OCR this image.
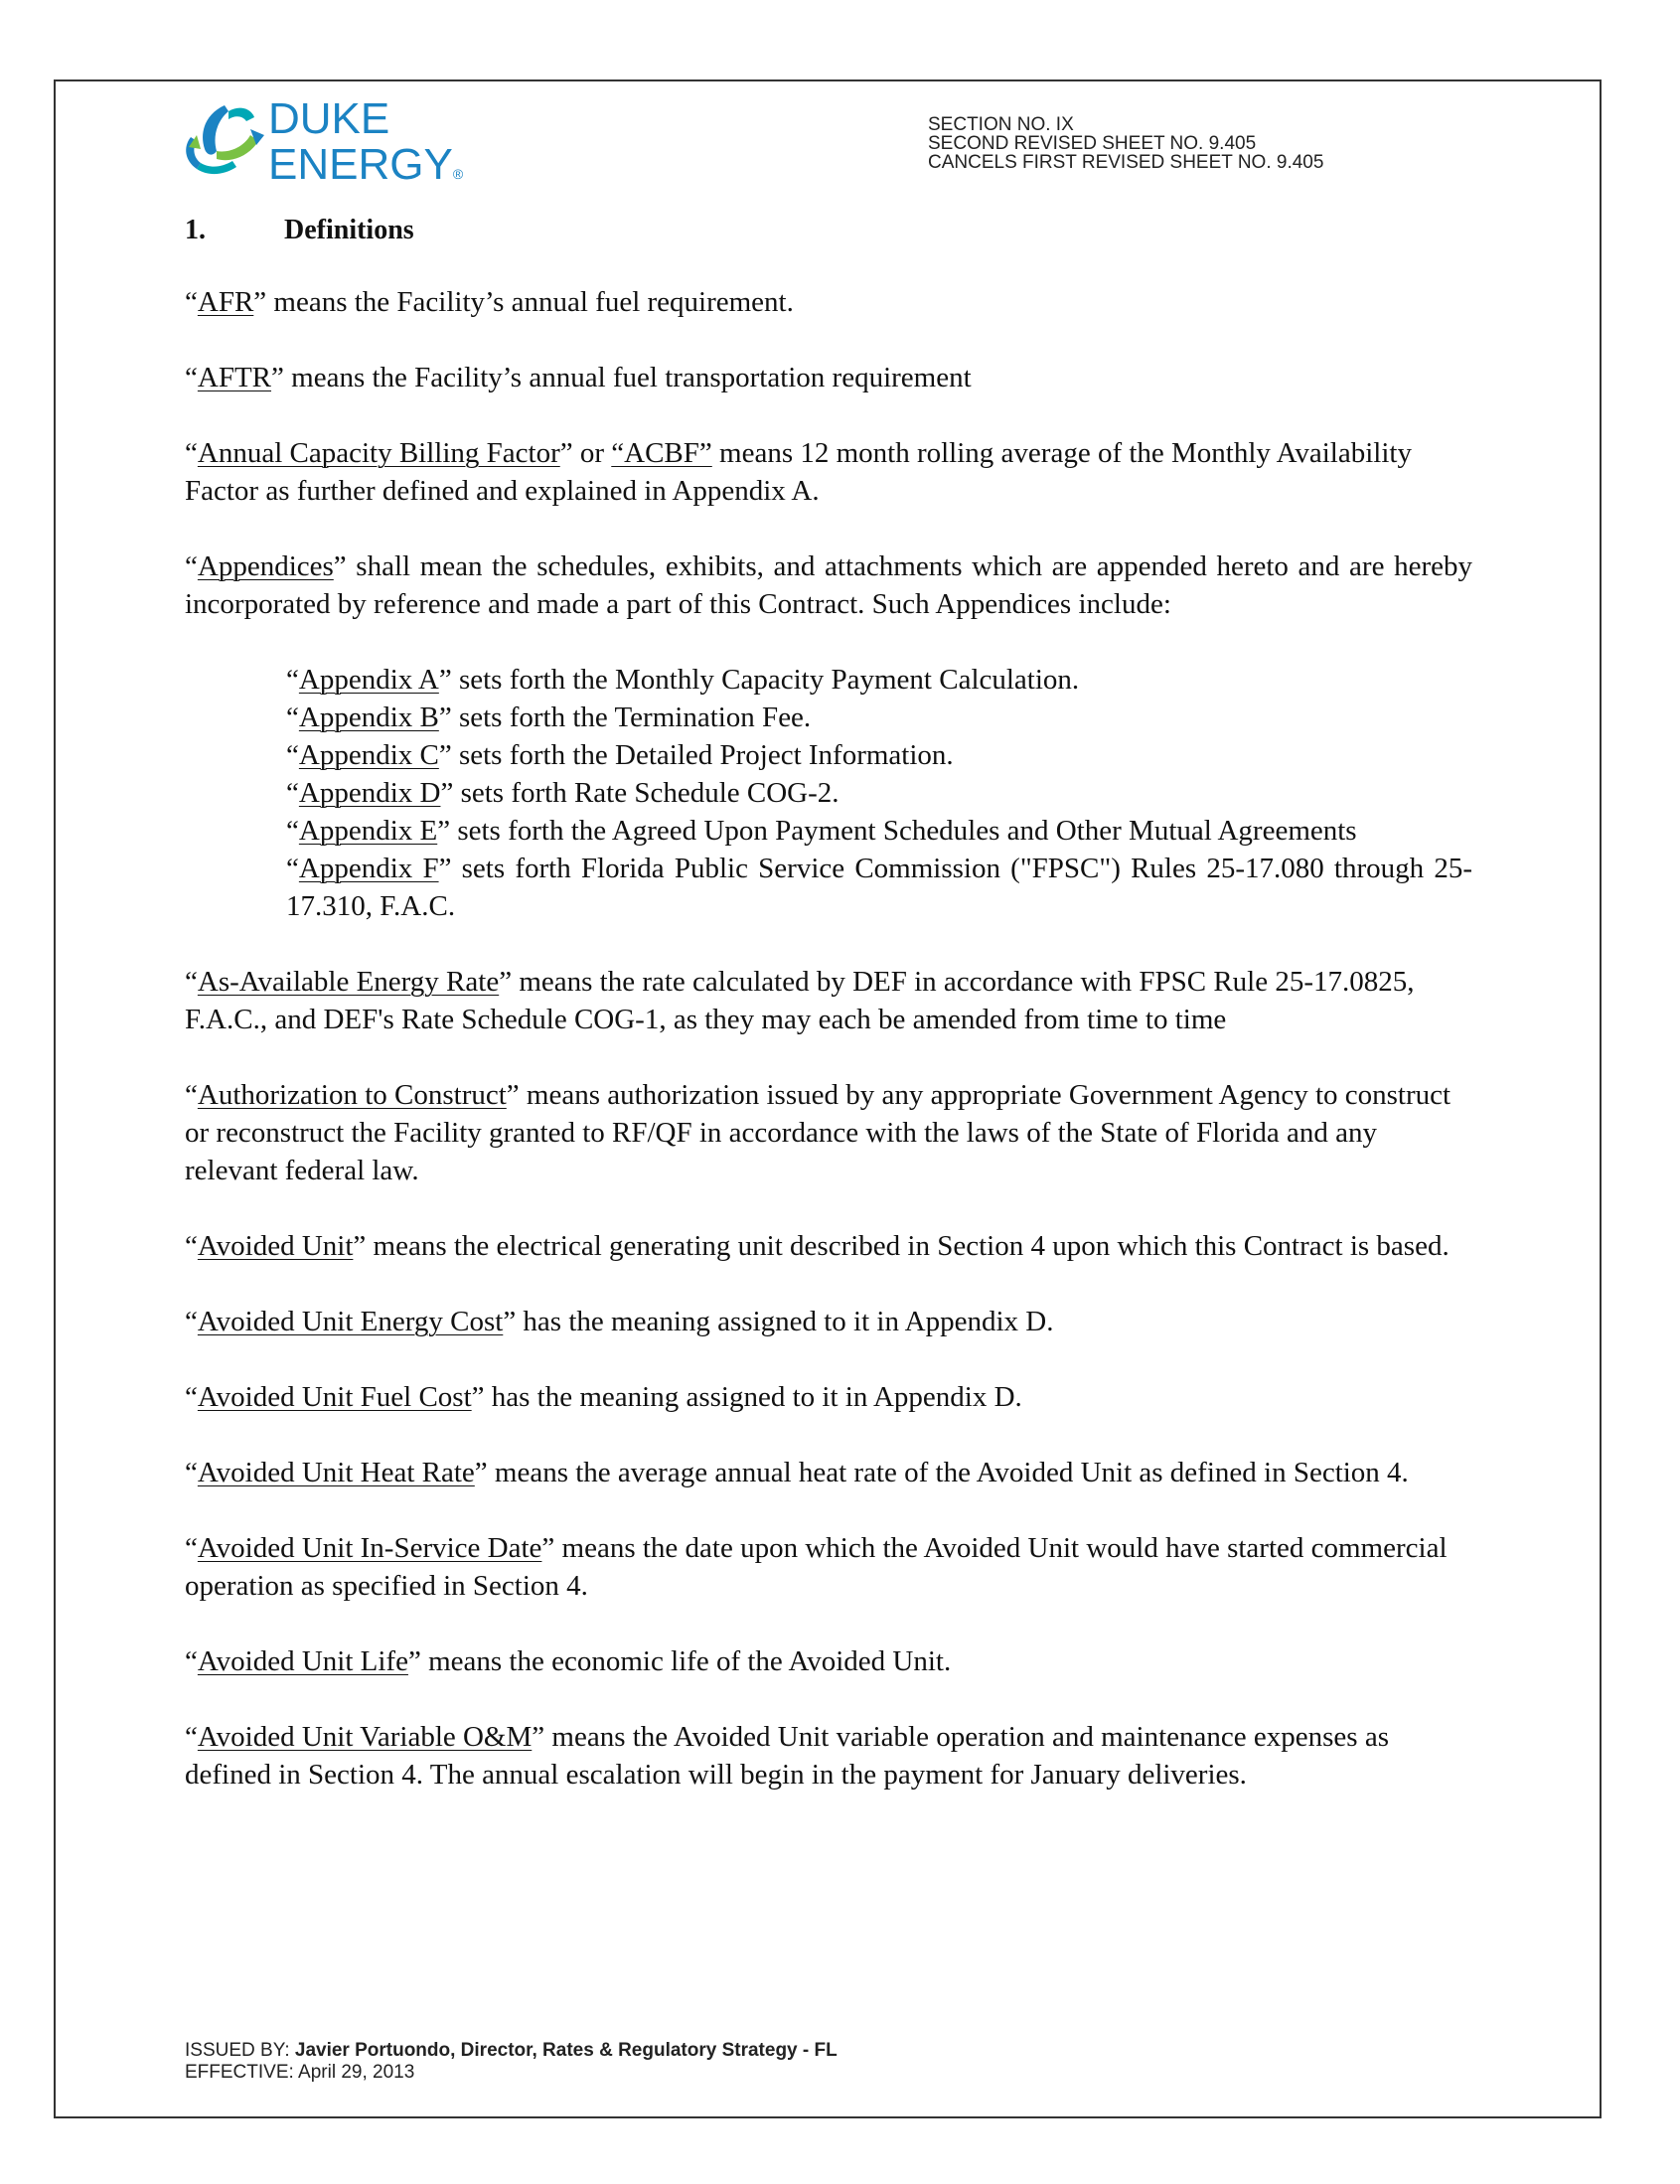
DUKE
ENERGY®
SECTION NO. IX
SECOND REVISED SHEET NO. 9.405
CANCELS FIRST REVISED SHEET NO. 9.405
1.	Definitions

“AFR” means the Facility’s annual fuel requirement.

“AFTR” means the Facility’s annual fuel transportation requirement

“Annual Capacity Billing Factor” or “ACBF” means 12 month rolling average of the Monthly Availability Factor as further defined and explained in Appendix A.

“Appendices” shall mean the schedules, exhibits, and attachments which are appended hereto and are hereby incorporated by reference and made a part of this Contract. Such Appendices include:

“Appendix A” sets forth the Monthly Capacity Payment Calculation.
“Appendix B” sets forth the Termination Fee.
“Appendix C” sets forth the Detailed Project Information.
“Appendix D” sets forth Rate Schedule COG-2.
“Appendix E” sets forth the Agreed Upon Payment Schedules and Other Mutual Agreements
“Appendix F” sets forth Florida Public Service Commission ("FPSC") Rules 25-17.080 through 25-17.310, F.A.C.

“As-Available Energy Rate” means the rate calculated by DEF in accordance with FPSC Rule 25-17.0825, F.A.C., and DEF's Rate Schedule COG-1, as they may each be amended from time to time

“Authorization to Construct” means authorization issued by any appropriate Government Agency to construct or reconstruct the Facility granted to RF/QF in accordance with the laws of the State of Florida and any relevant federal law.

“Avoided Unit” means the electrical generating unit described in Section 4 upon which this Contract is based.

“Avoided Unit Energy Cost” has the meaning assigned to it in Appendix D.

“Avoided Unit Fuel Cost” has the meaning assigned to it in Appendix D.

“Avoided Unit Heat Rate” means the average annual heat rate of the Avoided Unit as defined in Section 4.

“Avoided Unit In-Service Date” means the date upon which the Avoided Unit would have started commercial operation as specified in Section 4.

“Avoided Unit Life” means the economic life of the Avoided Unit.

“Avoided Unit Variable O&M” means the Avoided Unit variable operation and maintenance expenses as defined in Section 4. The annual escalation will begin in the payment for January deliveries.

ISSUED BY: Javier Portuondo, Director, Rates & Regulatory Strategy - FL
EFFECTIVE: April 29, 2013
